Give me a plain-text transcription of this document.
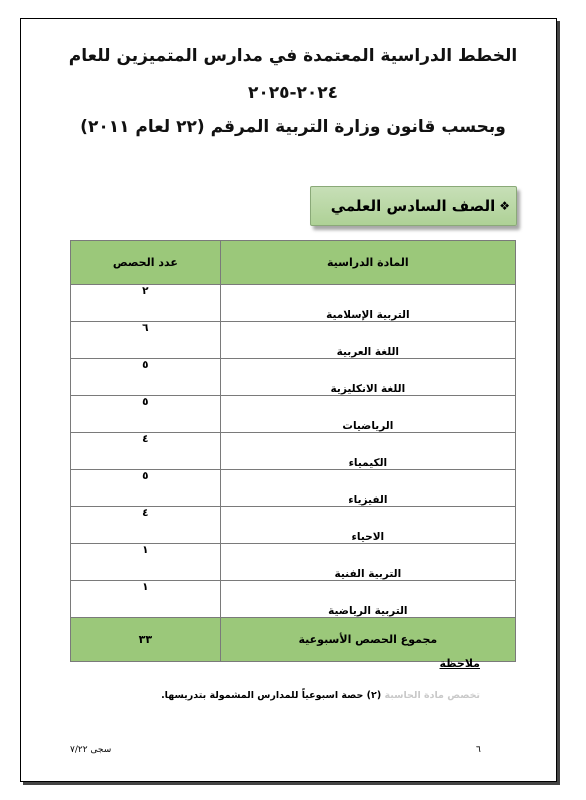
الخطط الدراسية المعتمدة في مدارس المتميزين للعام
٢٠٢٤-٢٠٢٥
وبحسب قانون وزارة التربية المرقم (٢٢ لعام ٢٠١١)
❖
الصف السادس العلمي
المادة الدراسية	عدد الحصص
التربية الإسلامية	٢
اللغة العربية	٦
اللغة الانكليزية	٥
الرياضيات	٥
الكيمياء	٤
الفيزياء	٥
الاحياء	٤
التربية الفنية	١
التربية الرياضية	١
مجموع الحصص الأسبوعية	٣٣
ملاحظة
تخصص مادة الحاسبة (٢) حصة اسبوعياً للمدارس المشمولة بتدريسها.
سجى ٧/٢٢	٦
